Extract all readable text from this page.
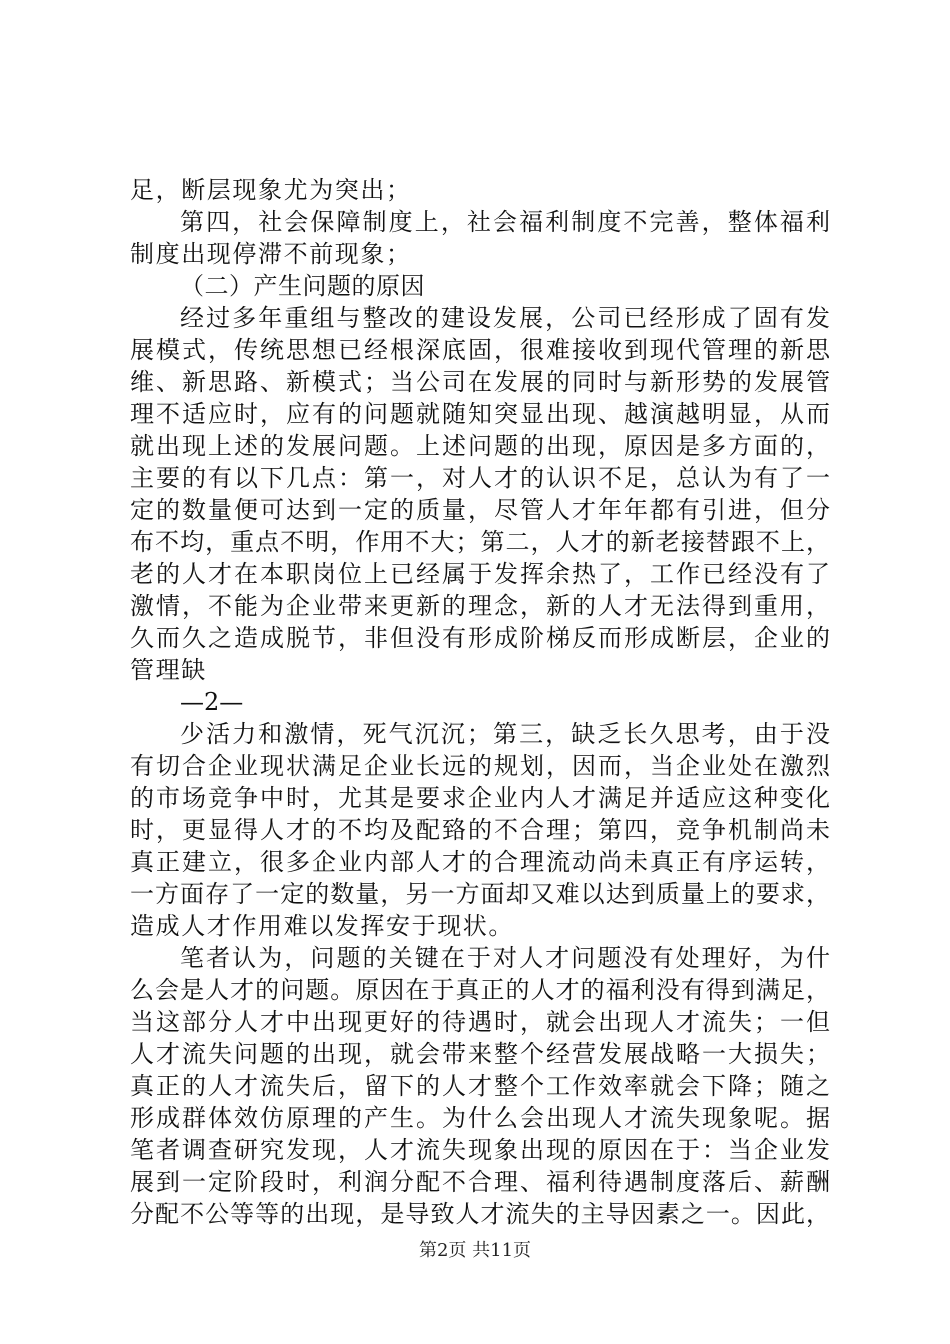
足，断层现象尤为突出；
第四，社会保障制度上，社会福利制度不完善，整体福利
制度出现停滞不前现象；
（二）产生问题的原因
经过多年重组与整改的建设发展，公司已经形成了固有发
展模式，传统思想已经根深底固，很难接收到现代管理的新思
维、新思路、新模式；当公司在发展的同时与新形势的发展管
理不适应时，应有的问题就随知突显出现、越演越明显，从而
就出现上述的发展问题。上述问题的出现，原因是多方面的，
主要的有以下几点：第一，对人才的认识不足，总认为有了一
定的数量便可达到一定的质量，尽管人才年年都有引进，但分
布不均，重点不明，作用不大；第二，人才的新老接替跟不上，
老的人才在本职岗位上已经属于发挥余热了，工作已经没有了
激情，不能为企业带来更新的理念，新的人才无法得到重用，
久而久之造成脱节，非但没有形成阶梯反而形成断层，企业的
管理缺
—2—
少活力和激情，死气沉沉；第三，缺乏长久思考，由于没
有切合企业现状满足企业长远的规划，因而，当企业处在激烈
的市场竞争中时，尤其是要求企业内人才满足并适应这种变化
时，更显得人才的不均及配臵的不合理；第四，竞争机制尚未
真正建立，很多企业内部人才的合理流动尚未真正有序运转，
一方面存了一定的数量，另一方面却又难以达到质量上的要求，
造成人才作用难以发挥安于现状。
笔者认为，问题的关键在于对人才问题没有处理好，为什
么会是人才的问题。原因在于真正的人才的福利没有得到满足，
当这部分人才中出现更好的待遇时，就会出现人才流失；一但
人才流失问题的出现，就会带来整个经营发展战略一大损失；
真正的人才流失后，留下的人才整个工作效率就会下降；随之
形成群体效仿原理的产生。为什么会出现人才流失现象呢。据
笔者调查研究发现，人才流失现象出现的原因在于：当企业发
展到一定阶段时，利润分配不合理、福利待遇制度落后、薪酬
分配不公等等的出现，是导致人才流失的主导因素之一。因此，
第2页 共11页
